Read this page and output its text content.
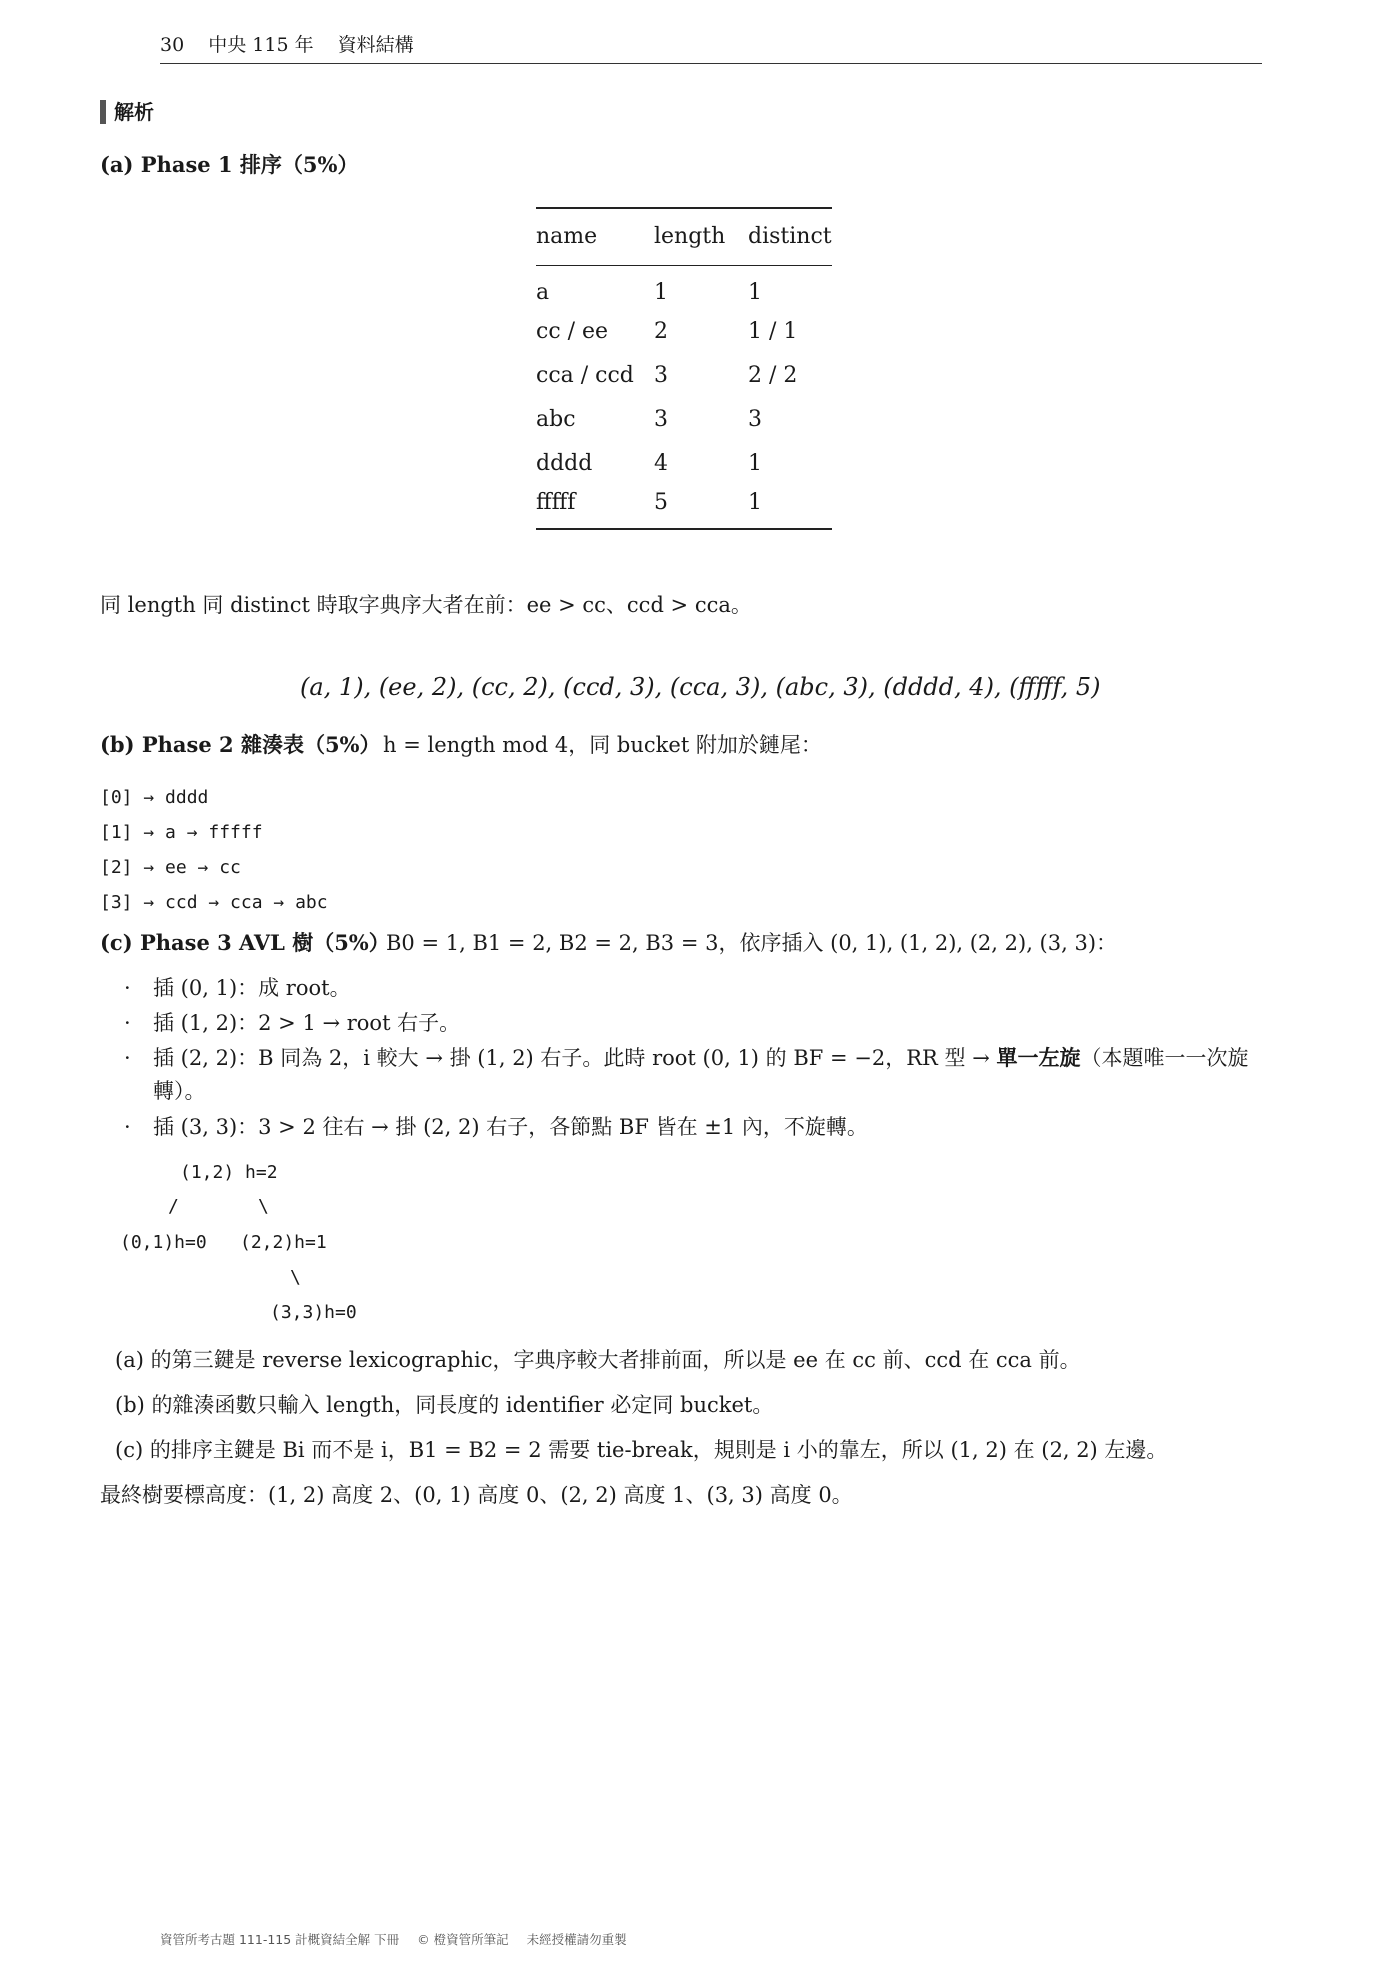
30 中央 115 年 資料結構
解析
(a) Phase 1 排序（5%）
name	length	distinct
a	1	1
cc / ee	2	1 / 1
cca / ccd	3	2 / 2
abc	3	3
dddd	4	1
fffff	5	1
同 length 同 distinct 時取字典序大者在前：ee > cc、ccd > cca。
(a, 1), (ee, 2), (cc, 2), (ccd, 3), (cca, 3), (abc, 3), (dddd, 4), (fffff, 5)
(b) Phase 2 雜湊表（5%） h = length mod 4，同 bucket 附加於鏈尾：
[0] → dddd
[1] → a → fffff
[2] → ee → cc
[3] → ccd → cca → abc
(c) Phase 3 AVL 樹（5%）
B0 = 1, B1 = 2, B2 = 2, B3 = 3，依序插入 (0, 1), (1, 2), (2, 2), (3, 3)：
· 插 (0, 1)：成 root。
· 插 (1, 2)：2 > 1 → root 右子。
· 插 (2, 2)：B 同為 2，i 較大 → 掛 (1, 2) 右子。此時 root (0, 1) 的 BF = −2，RR 型 → 單一左旋（本題唯一一次旋
轉）。
· 插 (3, 3)：3 > 2 往右 → 掛 (2, 2) 右子，各節點 BF 皆在 ±1 內，不旋轉。
(1,2) h=2
/	\
(0,1)h=0 (2,2)h=1
\
(3,3)h=0
(a) 的第三鍵是 reverse lexicographic，字典序較大者排前面，所以是 ee 在 cc 前、ccd 在 cca 前。
(b) 的雜湊函數只輸入 length，同長度的 identifier 必定同 bucket。
(c) 的排序主鍵是 Bi 而不是 i，B1 = B2 = 2 需要 tie-break，規則是 i 小的靠左，所以 (1, 2) 在 (2, 2) 左邊。
最終樹要標高度：(1, 2) 高度 2、(0, 1) 高度 0、(2, 2) 高度 1、(3, 3) 高度 0。
資管所考古題 111-115 計概資結全解 下冊 © 橙資管所筆記 未經授權請勿重製
